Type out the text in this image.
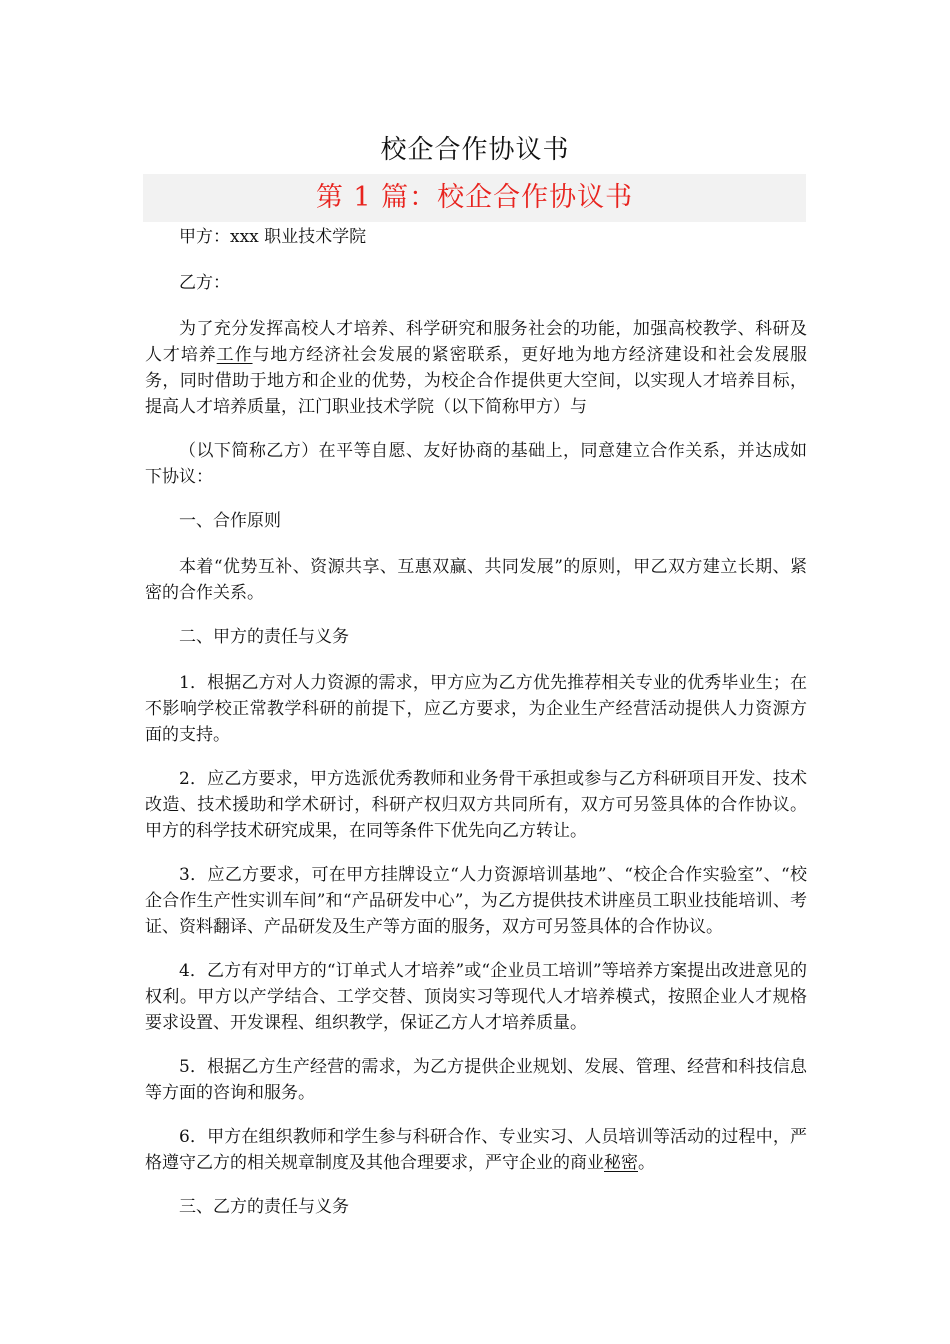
校企合作协议书
第 1 篇：校企合作协议书

甲方：xxx 职业技术学院

乙方：

为了充分发挥高校人才培养、科学研究和服务社会的功能，加强高校教学、科研及人才培养工作与地方经济社会发展的紧密联系，更好地为地方经济建设和社会发展服务，同时借助于地方和企业的优势，为校企合作提供更大空间，以实现人才培养目标，提高人才培养质量，江门职业技术学院（以下简称甲方）与

（以下简称乙方）在平等自愿、友好协商的基础上，同意建立合作关系，并达成如下协议：

一、合作原则

本着“优势互补、资源共享、互惠双赢、共同发展”的原则，甲乙双方建立长期、紧密的合作关系。

二、甲方的责任与义务

1．根据乙方对人力资源的需求，甲方应为乙方优先推荐相关专业的优秀毕业生；在不影响学校正常教学科研的前提下，应乙方要求，为企业生产经营活动提供人力资源方面的支持。

2．应乙方要求，甲方选派优秀教师和业务骨干承担或参与乙方科研项目开发、技术改造、技术援助和学术研讨，科研产权归双方共同所有，双方可另签具体的合作协议。甲方的科学技术研究成果，在同等条件下优先向乙方转让。

3．应乙方要求，可在甲方挂牌设立“人力资源培训基地”、“校企合作实验室”、“校企合作生产性实训车间”和“产品研发中心”，为乙方提供技术讲座员工职业技能培训、考证、资料翻译、产品研发及生产等方面的服务，双方可另签具体的合作协议。

4．乙方有对甲方的“订单式人才培养”或“企业员工培训”等培养方案提出改进意见的权利。甲方以产学结合、工学交替、顶岗实习等现代人才培养模式，按照企业人才规格要求设置、开发课程、组织教学，保证乙方人才培养质量。

5．根据乙方生产经营的需求，为乙方提供企业规划、发展、管理、经营和科技信息等方面的咨询和服务。

6．甲方在组织教师和学生参与科研合作、专业实习、人员培训等活动的过程中，严格遵守乙方的相关规章制度及其他合理要求，严守企业的商业秘密。

三、乙方的责任与义务
